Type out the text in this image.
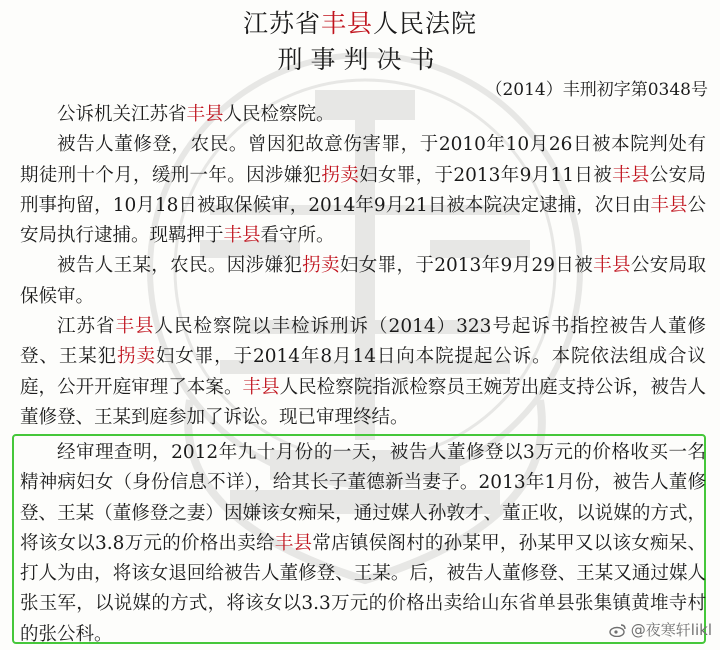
江苏省丰县人民法院
刑事判决书
（2014）丰刑初字第0348号

公诉机关江苏省丰县人民检察院。

被告人董修登，农民。曾因犯故意伤害罪，于2010年10月26日被本院判处有期徒刑十个月，缓刑一年。因涉嫌犯拐卖妇女罪，于2013年9月11日被丰县公安局刑事拘留，10月18日被取保候审，2014年9月21日被本院决定逮捕，次日由丰县公安局执行逮捕。现羁押于丰县看守所。

被告人王某，农民。因涉嫌犯拐卖妇女罪，于2013年9月29日被丰县公安局取保候审。

江苏省丰县人民检察院以丰检诉刑诉（2014）323号起诉书指控被告人董修登、王某犯拐卖妇女罪，于2014年8月14日向本院提起公诉。本院依法组成合议庭，公开开庭审理了本案。丰县人民检察院指派检察员王婉芳出庭支持公诉，被告人董修登、王某到庭参加了诉讼。现已审理终结。

经审理查明，2012年九十月份的一天，被告人董修登以3万元的价格收买一名精神病妇女（身份信息不详），给其长子董德新当妻子。2013年1月份，被告人董修登、王某（董修登之妻）因嫌该女痴呆，通过媒人孙敦才、董正收，以说媒的方式，将该女以3.8万元的价格出卖给丰县常店镇侯阁村的孙某甲，孙某甲又以该女痴呆、打人为由，将该女退回给被告人董修登、王某。后，被告人董修登、王某又通过媒人张玉军，以说媒的方式，将该女以3.3万元的价格出卖给山东省单县张集镇黄堆寺村的张公科。	@夜寒轩likl
